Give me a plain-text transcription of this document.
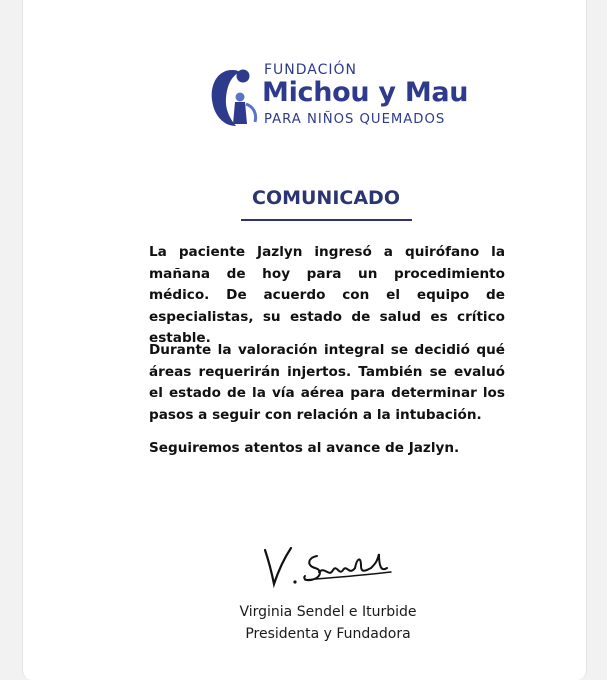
FUNDACIÓN
Michou y Mau
PARA NIÑOS QUEMADOS
COMUNICADO

La paciente Jazlyn ingresó a quirófano la mañana de hoy para un procedimiento médico. De acuerdo con el equipo de especialistas, su estado de salud es crítico estable.

Durante la valoración integral se decidió qué áreas requerirán injertos. También se evaluó el estado de la vía aérea para determinar los pasos a seguir con relación a la intubación.

Seguiremos atentos al avance de Jazlyn.

Virginia Sendel e Iturbide
Presidenta y Fundadora
